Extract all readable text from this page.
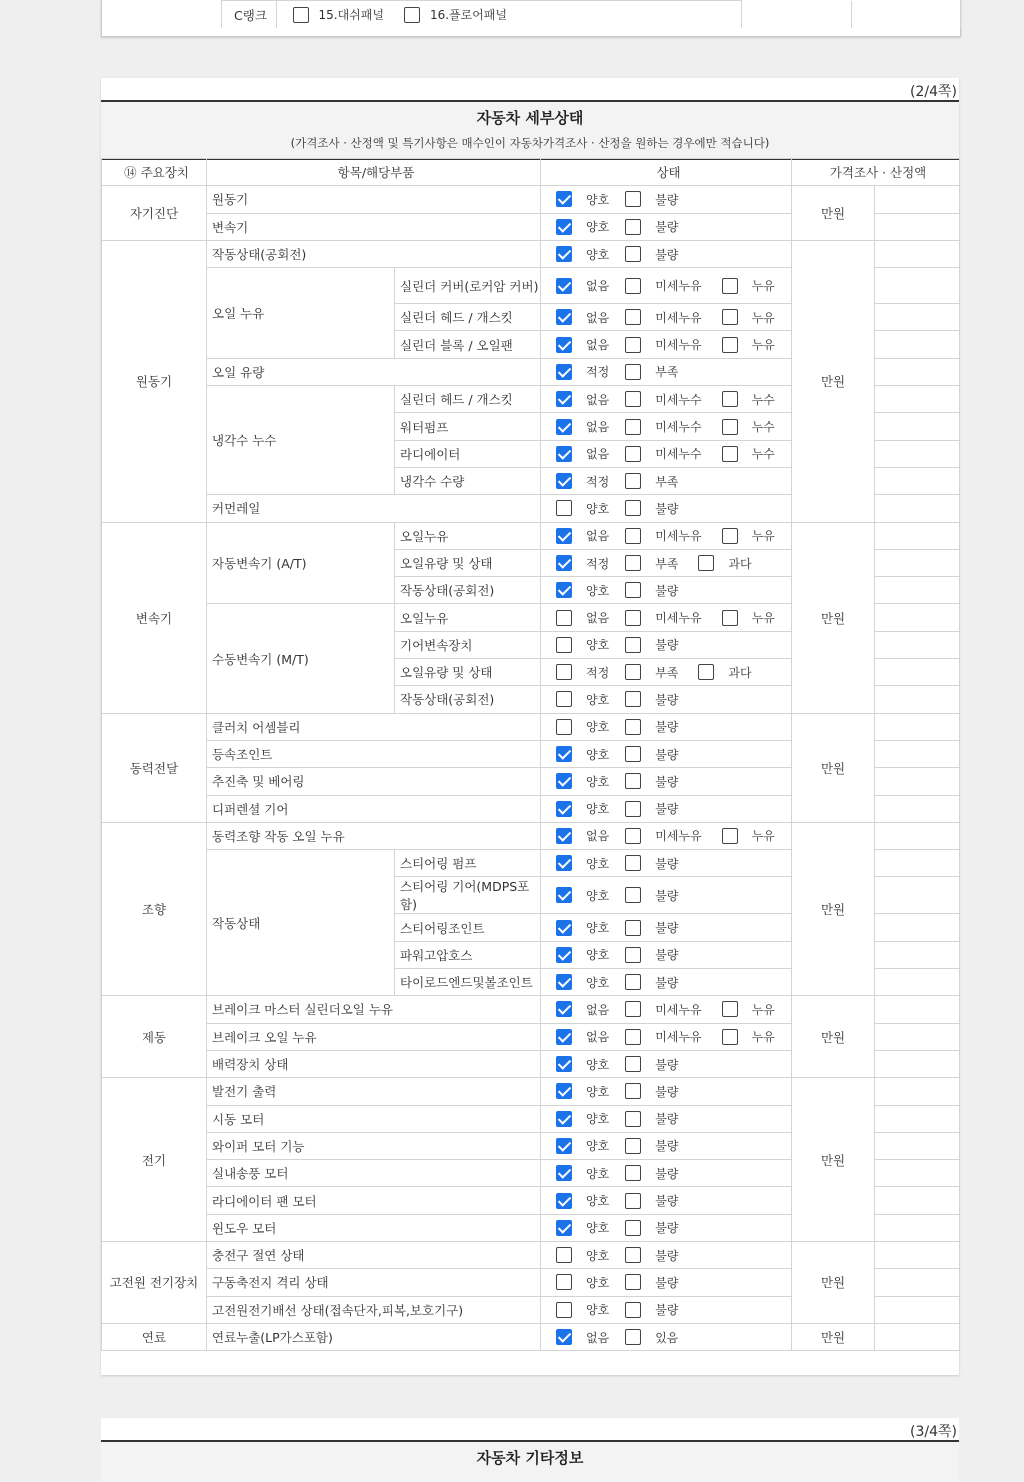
	C랭크	15.대쉬패널	16.플로어패널		
(2/4쪽)
자동차 세부상태
(가격조사 · 산정액 및 특기사항은 매수인이 자동차가격조사 · 산정을 원하는 경우에만 적습니다)
⑭ 주요장치	항목/해당부품		상태	가격조사 · 산정액	
자기진단	원동기		양호 불량	만원	
	변속기		양호 불량		
원동기	작동상태(공회전)		양호 불량	만원	
	오일 누유	실린더 커버(로커암 커버)	없음 미세누유 누유		
		실린더 헤드 / 개스킷	없음 미세누유 누유		
		실린더 블록 / 오일팬	없음 미세누유 누유		
	오일 유량		적정 부족		
	냉각수 누수	실린더 헤드 / 개스킷	없음 미세누수 누수		
		워터펌프	없음 미세누수 누수		
		라디에이터	없음 미세누수 누수		
		냉각수 수량	적정 부족		
	커먼레일		양호 불량		
변속기	자동변속기 (A/T)	오일누유	없음 미세누유 누유	만원	
		오일유량 및 상태	적정 부족 과다		
		작동상태(공회전)	양호 불량		
	수동변속기 (M/T)	오일누유	없음 미세누유 누유		
		기어변속장치	양호 불량		
		오일유량 및 상태	적정 부족 과다		
		작동상태(공회전)	양호 불량		
동력전달	클러치 어셈블리		양호 불량	만원	
	등속조인트		양호 불량		
	추진축 및 베어링		양호 불량		
	디퍼렌셜 기어		양호 불량		
조향	동력조향 작동 오일 누유		없음 미세누유 누유	만원	
	작동상태	스티어링 펌프	양호 불량		
		스티어링 기어(MDPS포함)	양호 불량		
		스티어링조인트	양호 불량		
		파워고압호스	양호 불량		
		타이로드엔드및볼조인트	양호 불량		
제동	브레이크 마스터 실린더오일 누유		없음 미세누유 누유	만원	
	브레이크 오일 누유		없음 미세누유 누유		
	배력장치 상태		양호 불량		
전기	발전기 출력		양호 불량	만원	
	시동 모터		양호 불량		
	와이퍼 모터 기능		양호 불량		
	실내송풍 모터		양호 불량		
	라디에이터 팬 모터		양호 불량		
	윈도우 모터		양호 불량		
고전원 전기장치	충전구 절연 상태		양호 불량	만원	
	구동축전지 격리 상태		양호 불량		
	고전원전기배선 상태(접속단자,피복,보호기구)		양호 불량		
연료	연료누출(LP가스포함)		없음 있음	만원	
(3/4쪽)
자동차 기타정보
